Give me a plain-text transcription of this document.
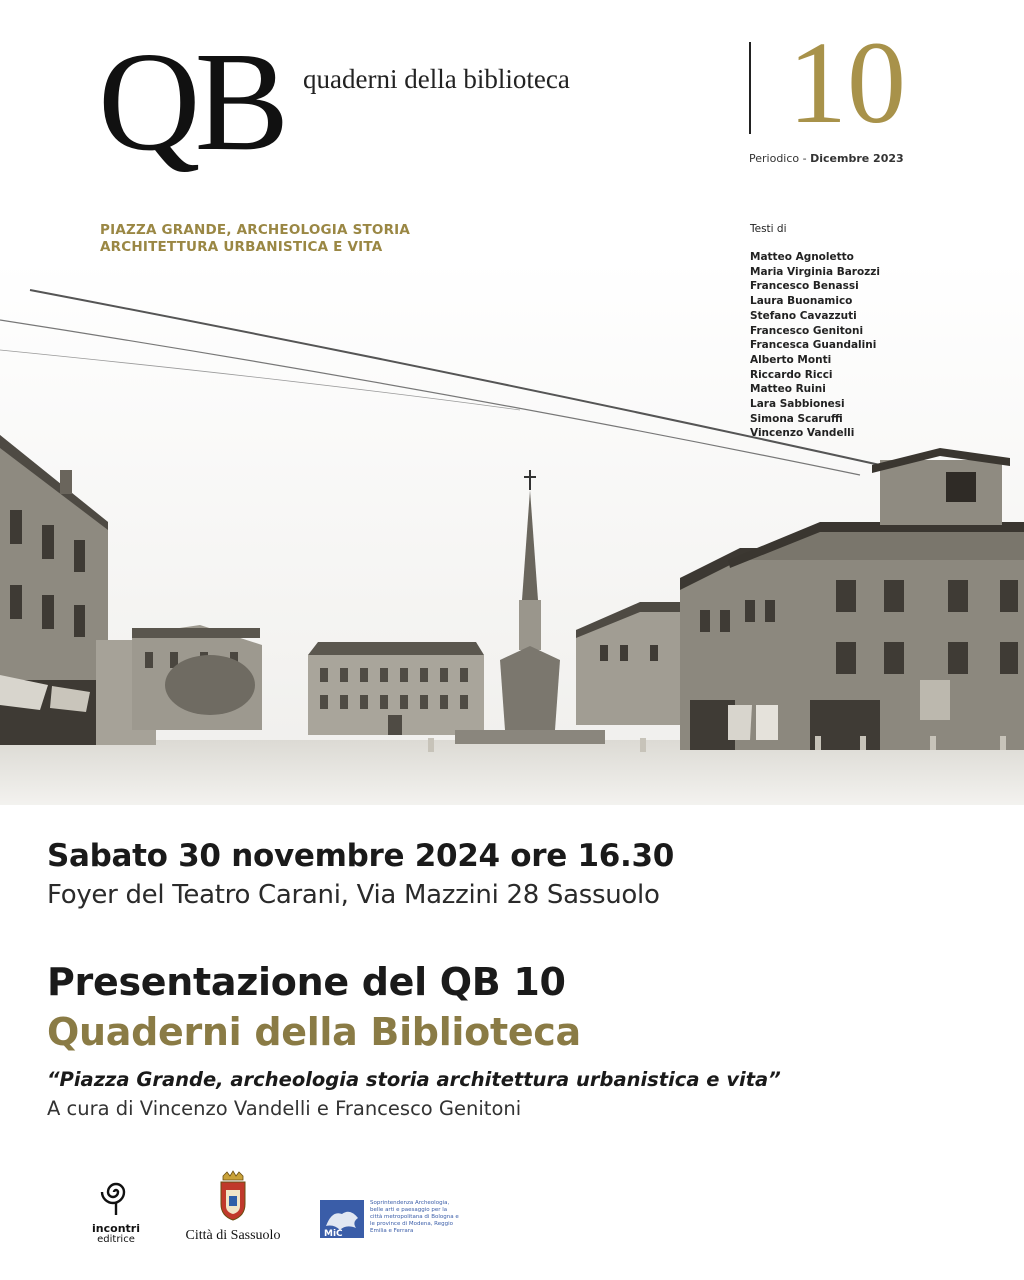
QB quaderni della biblioteca 10
Periodico - Dicembre 2023
PIAZZA GRANDE, ARCHEOLOGIA STORIA
ARCHITETTURA URBANISTICA E VITA
Testi di
Matteo Agnoletto
Maria Virginia Barozzi
Francesco Benassi
Laura Buonamico
Stefano Cavazzuti
Francesco Genitoni
Francesca Guandalini
Alberto Monti
Riccardo Ricci
Matteo Ruini
Lara Sabbionesi
Simona Scaruffi
Vincenzo Vandelli
Sabato 30 novembre 2024 ore 16.30
Foyer del Teatro Carani, Via Mazzini 28 Sassuolo
Presentazione del QB 10
Quaderni della Biblioteca
“Piazza Grande, archeologia storia architettura urbanistica e vita”
A cura di Vincenzo Vandelli e Francesco Genitoni
incontri
editrice	Città di Sassuolo	MiC
Soprintendenza Archeologia, belle arti e paesaggio per la città metropolitana di Bologna e le province di Modena, Reggio Emilia e Ferrara
